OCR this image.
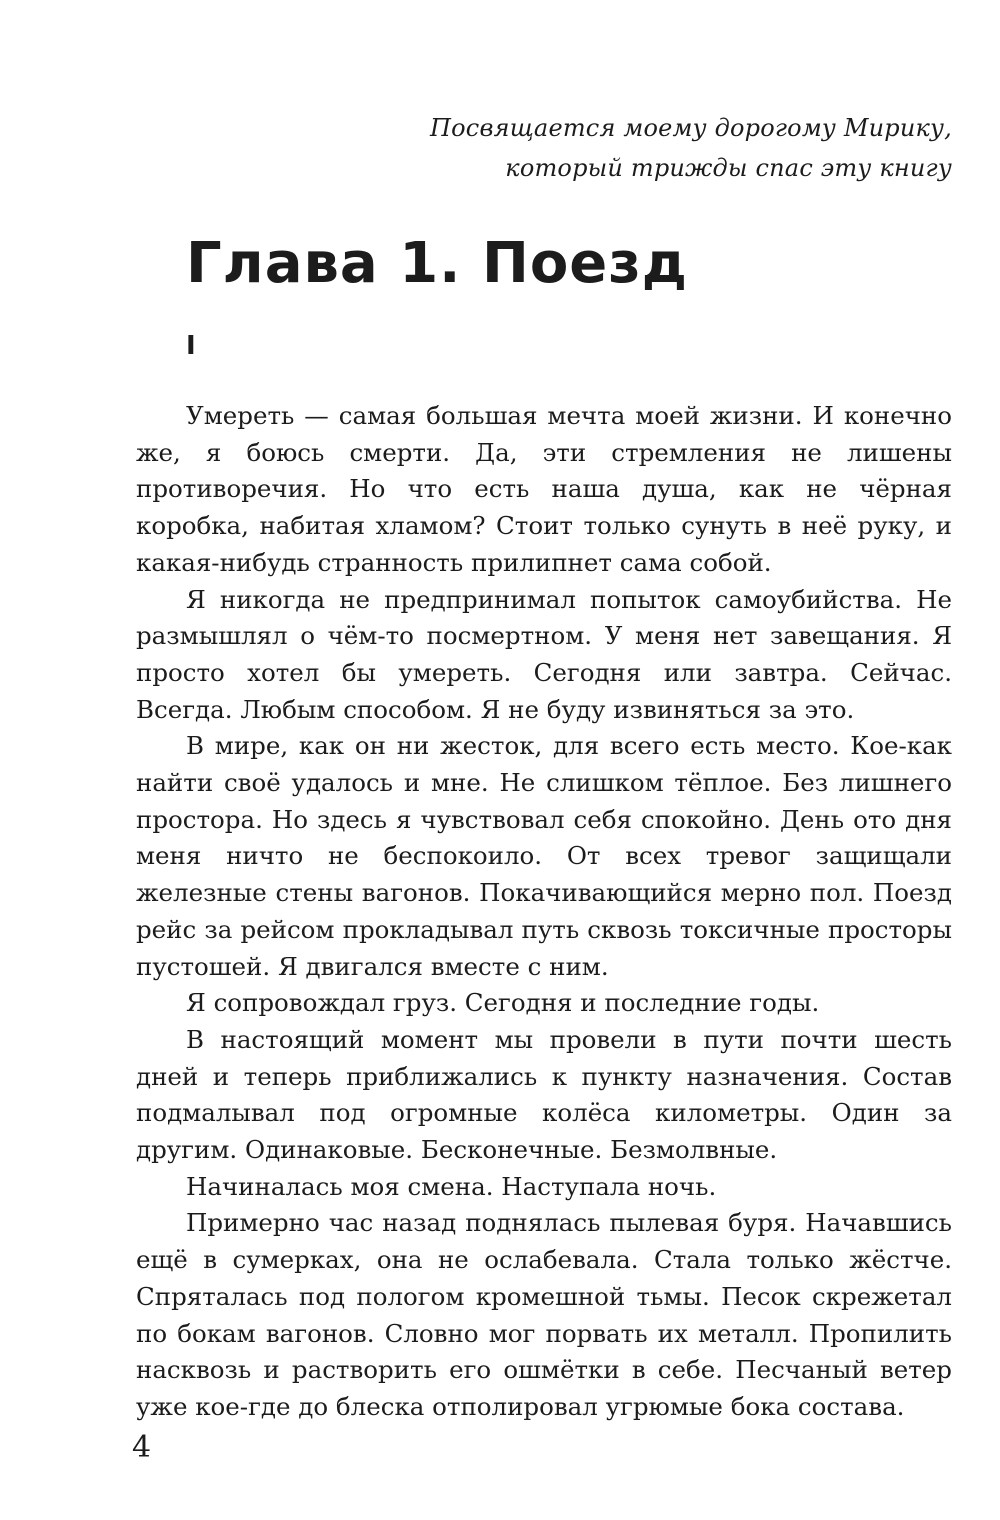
Посвящается моему дорогому Мирику,
который трижды спас эту книгу
Глава 1. Поезд
I

Умереть — самая большая мечта моей жизни. И конечно же, я боюсь смерти. Да, эти стремления не лишены противоречия. Но что есть наша душа, как не чёрная коробка, набитая хламом? Стоит только сунуть в неё руку, и какая-нибудь странность прилипнет сама собой.

Я никогда не предпринимал попыток самоубийства. Не размышлял о чём-то посмертном. У меня нет завещания. Я просто хотел бы умереть. Сегодня или завтра. Сейчас. Всегда. Любым способом. Я не буду извиняться за это.

В мире, как он ни жесток, для всего есть место. Кое-как найти своё удалось и мне. Не слишком тёплое. Без лишнего простора. Но здесь я чувствовал себя спокойно. День ото дня меня ничто не беспокоило. От всех тревог защищали железные стены вагонов. Покачивающийся мерно пол. Поезд рейс за рейсом прокладывал путь сквозь токсичные просторы пустошей. Я двигался вместе с ним.

Я сопровождал груз. Сегодня и последние годы.

В настоящий момент мы провели в пути почти шесть дней и теперь приближались к пункту назначения. Состав подмалывал под огромные колёса километры. Один за другим. Одинаковые. Бесконечные. Безмолвные.

Начиналась моя смена. Наступала ночь.

Примерно час назад поднялась пылевая буря. Начавшись ещё в сумерках, она не ослабевала. Стала только жёстче. Спряталась под пологом кромешной тьмы. Песок скрежетал по бокам вагонов. Словно мог порвать их металл. Пропилить насквозь и растворить его ошмётки в себе. Песчаный ветер уже кое-где до блеска отполировал угрюмые бока состава.

4
